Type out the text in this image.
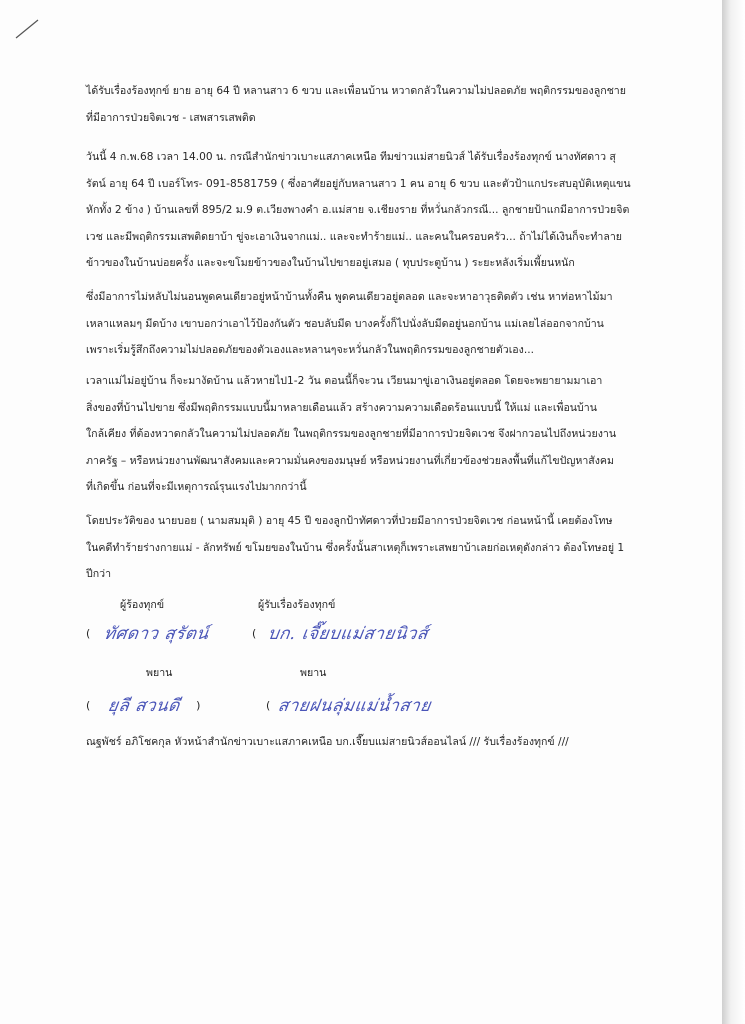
ได้รับเรื่องร้องทุกข์ ยาย อายุ 64 ปี หลานสาว 6 ขวบ และเพื่อนบ้าน หวาดกลัวในความไม่ปลอดภัย พฤติกรรมของลูกชาย

ที่มีอาการป่วยจิตเวช - เสพสารเสพติด

วันนี้ 4 ก.พ.68 เวลา 14.00 น. กรณีสำนักข่าวเบาะแสภาคเหนือ ทีมข่าวแม่สายนิวส์ ได้รับเรื่องร้องทุกข์ นางทัศดาว สุ

รัตน์ อายุ 64 ปี เบอร์โทร- 091-8581759 ( ซึ่งอาศัยอยู่กับหลานสาว 1 คน อายุ 6 ขวบ และตัวป้าแกประสบอุบัติเหตุแขน

หักทั้ง 2 ข้าง ) บ้านเลขที่ 895/2 ม.9 ต.เวียงพางคำ อ.แม่สาย จ.เชียงราย ที่หวั่นกลัวกรณี... ลูกชายป้าแกมีอาการป่วยจิต

เวช และมีพฤติกรรมเสพติดยาบ้า ขู่จะเอาเงินจากแม่.. และจะทำร้ายแม่.. และคนในครอบครัว... ถ้าไม่ได้เงินก็จะทำลาย

ข้าวของในบ้านบ่อยครั้ง และจะขโมยข้าวของในบ้านไปขายอยู่เสมอ ( ทุบประตูบ้าน ) ระยะหลังเริ่มเพี้ยนหนัก

ซึ่งมีอาการไม่หลับไม่นอนพูดคนเดียวอยู่หน้าบ้านทั้งคืน พูดคนเดียวอยู่ตลอด และจะหาอาวุธติดตัว เช่น หาท่อหาไม้มา

เหลาแหลมๆ มีดบ้าง เขาบอกว่าเอาไว้ป้องกันตัว ชอบลับมีด บางครั้งก็ไปนั่งลับมีดอยู่นอกบ้าน แม่เลยไล่ออกจากบ้าน

เพราะเริ่มรู้สึกถึงความไม่ปลอดภัยของตัวเองและหลานๆจะหวั่นกลัวในพฤติกรรมของลูกชายตัวเอง...

เวลาแม่ไม่อยู่บ้าน ก็จะมางัดบ้าน แล้วหายไป1-2 วัน ตอนนี้ก็จะวน เวียนมาขู่เอาเงินอยู่ตลอด โดยจะพยายามมาเอา

สิ่งของที่บ้านไปขาย ซึ่งมีพฤติกรรมแบบนี้มาหลายเดือนแล้ว สร้างความความเดือดร้อนแบบนี้ ให้แม่ และเพื่อนบ้าน

ใกล้เคียง ที่ต้องหวาดกลัวในความไม่ปลอดภัย ในพฤติกรรมของลูกชายที่มีอาการป่วยจิตเวช จึงฝากวอนไปถึงหน่วยงาน

ภาครัฐ – หรือหน่วยงานพัฒนาสังคมและความมั่นคงของมนุษย์ หรือหน่วยงานที่เกี่ยวข้องช่วยลงพื้นที่แก้ไขปัญหาสังคม

ที่เกิดขึ้น ก่อนที่จะมีเหตุการณ์รุนแรงไปมากกว่านี้

โดยประวัติของ นายบอย ( นามสมมุติ ) อายุ 45 ปี ของลูกป้าทัศดาวที่ป่วยมีอาการป่วยจิตเวช ก่อนหน้านี้ เคยต้องโทษ

ในคดีทำร้ายร่างกายแม่ - ลักทรัพย์ ขโมยของในบ้าน ซึ่งครั้งนั้นสาเหตุก็เพราะเสพยาบ้าเลยก่อเหตุดังกล่าว ต้องโทษอยู่ 1

ปีกว่า

ผู้ร้องทุกข์	ผู้รับเรื่องร้องทุกข์
( ทัศดาว สุรัตน์	( บก. เจี๊ยบแม่สายนิวส์
พยาน	พยาน
( ยุลี สวนดี )	( สายฝนลุ่มแม่น้ำสาย
ณฐพัชร์ อภิโชคกุล หัวหน้าสำนักข่าวเบาะแสภาคเหนือ บก.เจี๊ยบแม่สายนิวส์ออนไลน์ /// รับเรื่องร้องทุกข์ ///
